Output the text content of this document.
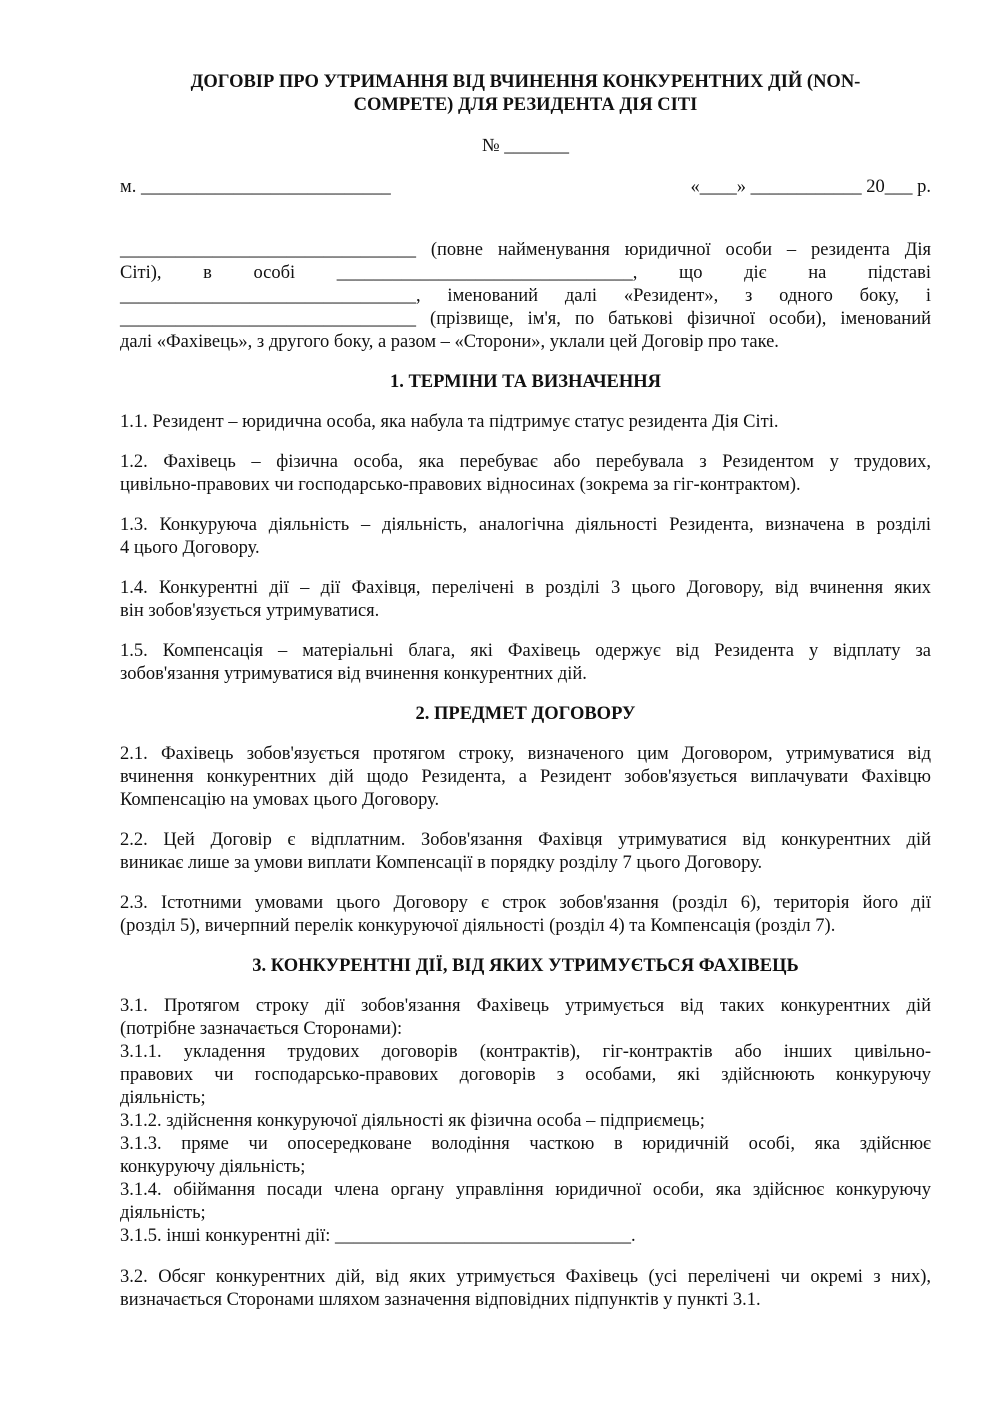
ДОГОВІР ПРО УТРИМАННЯ ВІД ВЧИНЕННЯ КОНКУРЕНТНИХ ДІЙ (NON-
COMPETE) ДЛЯ РЕЗИДЕНТА ДІЯ СІТІ
№ _______
м. ___________________________	«____» ____________ 20___ р.
________________________________ (повне найменування юридичної особи – резидента Дія
Сіті), в особі ________________________________, що діє на підставі
________________________________, іменований далі «Резидент», з одного боку, і
________________________________ (прізвище, ім'я, по батькові фізичної особи), іменований
далі «Фахівець», з другого боку, а разом – «Сторони», уклали цей Договір про таке.
1. ТЕРМІНИ ТА ВИЗНАЧЕННЯ
1.1. Резидент – юридична особа, яка набула та підтримує статус резидента Дія Сіті.
1.2. Фахівець – фізична особа, яка перебуває або перебувала з Резидентом у трудових,
цивільно-правових чи господарсько-правових відносинах (зокрема за гіг-контрактом).
1.3. Конкуруюча діяльність – діяльність, аналогічна діяльності Резидента, визначена в розділі
4 цього Договору.
1.4. Конкурентні дії – дії Фахівця, перелічені в розділі 3 цього Договору, від вчинення яких
він зобов'язується утримуватися.
1.5. Компенсація – матеріальні блага, які Фахівець одержує від Резидента у відплату за
зобов'язання утримуватися від вчинення конкурентних дій.
2. ПРЕДМЕТ ДОГОВОРУ
2.1. Фахівець зобов'язується протягом строку, визначеного цим Договором, утримуватися від
вчинення конкурентних дій щодо Резидента, а Резидент зобов'язується виплачувати Фахівцю
Компенсацію на умовах цього Договору.
2.2. Цей Договір є відплатним. Зобов'язання Фахівця утримуватися від конкурентних дій
виникає лише за умови виплати Компенсації в порядку розділу 7 цього Договору.
2.3. Істотними умовами цього Договору є строк зобов'язання (розділ 6), територія його дії
(розділ 5), вичерпний перелік конкуруючої діяльності (розділ 4) та Компенсація (розділ 7).
3. КОНКУРЕНТНІ ДІЇ, ВІД ЯКИХ УТРИМУЄТЬСЯ ФАХІВЕЦЬ
3.1. Протягом строку дії зобов'язання Фахівець утримується від таких конкурентних дій
(потрібне зазначається Сторонами):
3.1.1. укладення трудових договорів (контрактів), гіг-контрактів або інших цивільно-
правових чи господарсько-правових договорів з особами, які здійснюють конкуруючу
діяльність;
3.1.2. здійснення конкуруючої діяльності як фізична особа – підприємець;
3.1.3. пряме чи опосередковане володіння часткою в юридичній особі, яка здійснює
конкуруючу діяльність;
3.1.4. обіймання посади члена органу управління юридичної особи, яка здійснює конкуруючу
діяльність;
3.1.5. інші конкурентні дії: ________________________________.
3.2. Обсяг конкурентних дій, від яких утримується Фахівець (усі перелічені чи окремі з них),
визначається Сторонами шляхом зазначення відповідних підпунктів у пункті 3.1.
